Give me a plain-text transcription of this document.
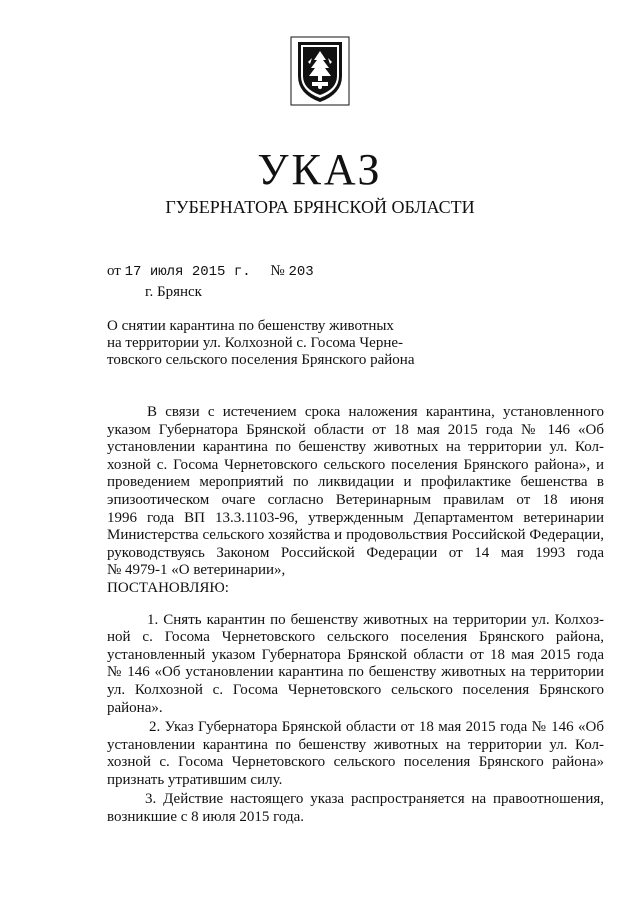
УКАЗ
ГУБЕРНАТОРА БРЯНСКОЙ ОБЛАСТИ
от 17 июля 2015 г. № 203
г. Брянск
О снятии карантина по бешенству животных
на территории ул. Колхозной с. Госома Черне-
товского сельского поселения Брянского района
В связи с истечением срока наложения карантина, установленного
указом Губернатора Брянской области от 18 мая 2015 года № 146 «Об
установлении карантина по бешенству животных на территории ул. Кол-
хозной с. Госома Чернетовского сельского поселения Брянского района», и
проведением мероприятий по ликвидации и профилактике бешенства в
эпизоотическом очаге согласно Ветеринарным правилам от 18 июня
1996 года ВП 13.3.1103-96, утвержденным Департаментом ветеринарии
Министерства сельского хозяйства и продовольствия Российской Федерации,
руководствуясь Законом Российской Федерации от 14 мая 1993 года
№ 4979-1 «О ветеринарии»,
ПОСТАНОВЛЯЮ:
1. Снять карантин по бешенству животных на территории ул. Колхоз-
ной с. Госома Чернетовского сельского поселения Брянского района,
установленный указом Губернатора Брянской области от 18 мая 2015 года
№ 146 «Об установлении карантина по бешенству животных на территории
ул. Колхозной с. Госома Чернетовского сельского поселения Брянского
района».
2. Указ Губернатора Брянской области от 18 мая 2015 года № 146 «Об
установлении карантина по бешенству животных на территории ул. Кол-
хозной с. Госома Чернетовского сельского поселения Брянского района»
признать утратившим силу.
3. Действие настоящего указа распространяется на правоотношения,
возникшие с 8 июля 2015 года.
